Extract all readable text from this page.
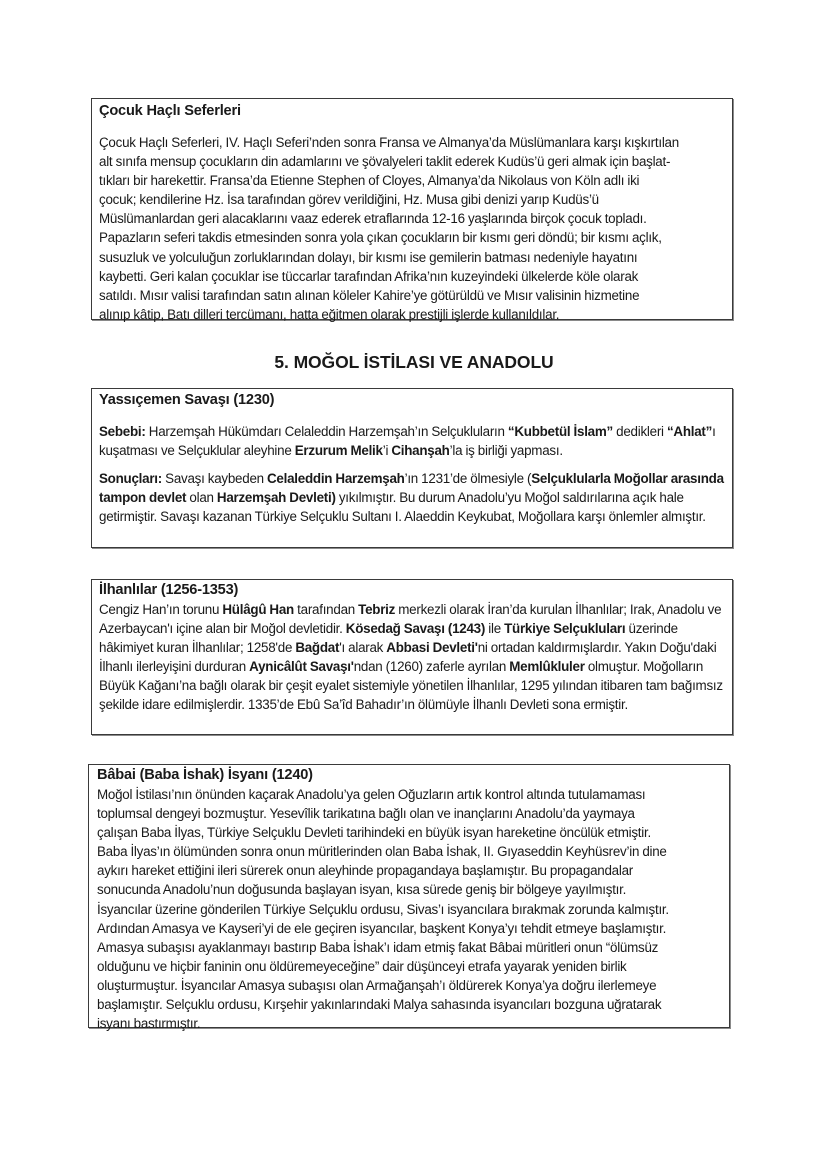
Çocuk Haçlı Seferleri

Çocuk Haçlı Seferleri, IV. Haçlı Seferi’nden sonra Fransa ve Almanya’da Müslümanlara karşı kışkırtılan
alt sınıfa mensup çocukların din adamlarını ve şövalyeleri taklit ederek Kudüs’ü geri almak için başlat-
tıkları bir harekettir. Fransa’da Etienne Stephen of Cloyes, Almanya’da Nikolaus von Köln adlı iki
çocuk; kendilerine Hz. İsa tarafından görev verildiğini, Hz. Musa gibi denizi yarıp Kudüs’ü
Müslümanlardan geri alacaklarını vaaz ederek etraflarında 12-16 yaşlarında birçok çocuk topladı.
Papazların seferi takdis etmesinden sonra yola çıkan çocukların bir kısmı geri döndü; bir kısmı açlık,
susuzluk ve yolculuğun zorluklarından dolayı, bir kısmı ise gemilerin batması nedeniyle hayatını
kaybetti. Geri kalan çocuklar ise tüccarlar tarafından Afrika’nın kuzeyindeki ülkelerde köle olarak
satıldı. Mısır valisi tarafından satın alınan köleler Kahire’ye götürüldü ve Mısır valisinin hizmetine
alınıp kâtip, Batı dilleri tercümanı, hatta eğitmen olarak prestijli işlerde kullanıldılar.

5. MOĞOL İSTİLASI VE ANADOLU

Yassıçemen Savaşı (1230)

Sebebi: Harzemşah Hükümdarı Celaleddin Harzemşah’ın Selçukluların “Kubbetül İslam” dedikleri “Ahlat”ı kuşatması ve Selçuklular aleyhine Erzurum Melik’i Cihanşah’la iş birliği yapması.

Sonuçları: Savaşı kaybeden Celaleddin Harzemşah’ın 1231’de ölmesiyle (Selçuklularla Moğollar arasında tampon devlet olan Harzemşah Devleti) yıkılmıştır. Bu durum Anadolu’yu Moğol saldırılarına açık hale getirmiştir. Savaşı kazanan Türkiye Selçuklu Sultanı I. Alaeddin Keykubat, Moğollara karşı önlemler almıştır.

İlhanlılar (1256-1353)

Cengiz Han’ın torunu Hülâgû Han tarafından Tebriz merkezli olarak İran’da kurulan İlhanlılar; Irak, Anadolu ve Azerbaycan'ı içine alan bir Moğol devletidir. Kösedağ Savaşı (1243) ile Türkiye Selçukluları üzerinde hâkimiyet kuran İlhanlılar; 1258'de Bağdat'ı alarak Abbasi Devleti'ni ortadan kaldırmışlardır. Yakın Doğu'daki İlhanlı ilerleyişini durduran Aynicâlût Savaşı'ndan (1260) zaferle ayrılan Memlûkluler olmuştur. Moğolların Büyük Kağanı’na bağlı olarak bir çeşit eyalet sistemiyle yönetilen İlhanlılar, 1295 yılından itibaren tam bağımsız şekilde idare edilmişlerdir. 1335’de Ebû Sa’îd Bahadır’ın ölümüyle İlhanlı Devleti sona ermiştir.

Bâbai (Baba İshak) İsyanı (1240)

Moğol İstilası’nın önünden kaçarak Anadolu’ya gelen Oğuzların artık kontrol altında tutulamaması
toplumsal dengeyi bozmuştur. Yesevîlik tarikatına bağlı olan ve inançlarını Anadolu’da yaymaya
çalışan Baba İlyas, Türkiye Selçuklu Devleti tarihindeki en büyük isyan hareketine öncülük etmiştir.
Baba İlyas’ın ölümünden sonra onun müritlerinden olan Baba İshak, II. Gıyaseddin Keyhüsrev’in dine
aykırı hareket ettiğini ileri sürerek onun aleyhinde propagandaya başlamıştır. Bu propagandalar
sonucunda Anadolu’nun doğusunda başlayan isyan, kısa sürede geniş bir bölgeye yayılmıştır.
İsyancılar üzerine gönderilen Türkiye Selçuklu ordusu, Sivas’ı isyancılara bırakmak zorunda kalmıştır.
Ardından Amasya ve Kayseri’yi de ele geçiren isyancılar, başkent Konya’yı tehdit etmeye başlamıştır.
Amasya subaşısı ayaklanmayı bastırıp Baba İshak’ı idam etmiş fakat Bâbai müritleri onun “ölümsüz
olduğunu ve hiçbir faninin onu öldüremeyeceğine” dair düşünceyi etrafa yayarak yeniden birlik
oluşturmuştur. İsyancılar Amasya subaşısı olan Armağanşah’ı öldürerek Konya’ya doğru ilerlemeye
başlamıştır. Selçuklu ordusu, Kırşehir yakınlarındaki Malya sahasında isyancıları bozguna uğratarak
isyanı bastırmıştır.
